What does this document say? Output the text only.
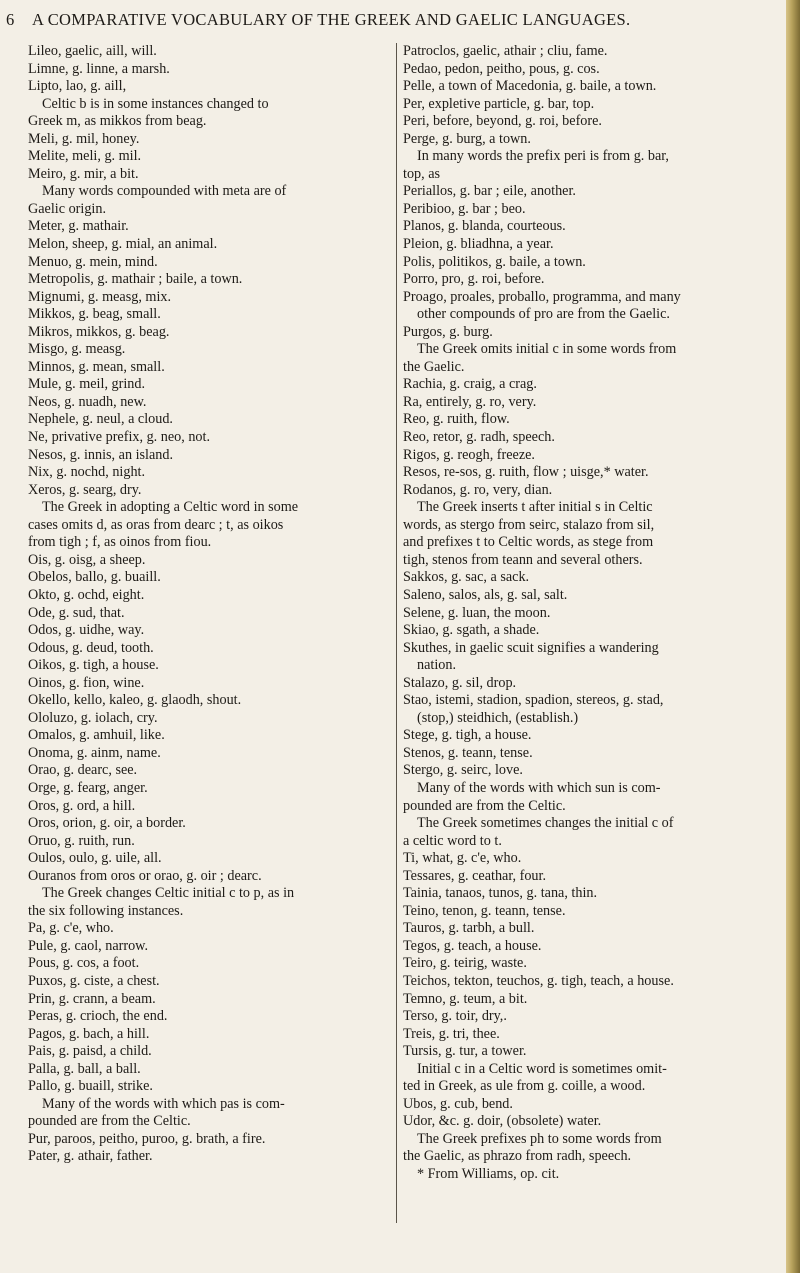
6 A COMPARATIVE VOCABULARY OF THE GREEK AND GAELIC LANGUAGES.
Lileo, gaelic, aill, will.
Limne, g. linne, a marsh.
Lipto, lao, g. aill,
Celtic b is in some instances changed to
Greek m, as mikkos from beag.
Meli, g. mil, honey.
Melite, meli, g. mil.
Meiro, g. mir, a bit.
Many words compounded with meta are of
Gaelic origin.
Meter, g. mathair.
Melon, sheep, g. mial, an animal.
Menuo, g. mein, mind.
Metropolis, g. mathair ; baile, a town.
Mignumi, g. measg, mix.
Mikkos, g. beag, small.
Mikros, mikkos, g. beag.
Misgo, g. measg.
Minnos, g. mean, small.
Mule, g. meil, grind.
Neos, g. nuadh, new.
Nephele, g. neul, a cloud.
Ne, privative prefix, g. neo, not.
Nesos, g. innis, an island.
Nix, g. nochd, night.
Xeros, g. searg, dry.
The Greek in adopting a Celtic word in some
cases omits d, as oras from dearc ; t, as oikos
from tigh ; f, as oinos from fiou.
Ois, g. oisg, a sheep.
Obelos, ballo, g. buaill.
Okto, g. ochd, eight.
Ode, g. sud, that.
Odos, g. uidhe, way.
Odous, g. deud, tooth.
Oikos, g. tigh, a house.
Oinos, g. fion, wine.
Okello, kello, kaleo, g. glaodh, shout.
Ololuzo, g. iolach, cry.
Omalos, g. amhuil, like.
Onoma, g. ainm, name.
Orao, g. dearc, see.
Orge, g. fearg, anger.
Oros, g. ord, a hill.
Oros, orion, g. oir, a border.
Oruo, g. ruith, run.
Oulos, oulo, g. uile, all.
Ouranos from oros or orao, g. oir ; dearc.
The Greek changes Celtic initial c to p, as in
the six following instances.
Pa, g. c'e, who.
Pule, g. caol, narrow.
Pous, g. cos, a foot.
Puxos, g. ciste, a chest.
Prin, g. crann, a beam.
Peras, g. crioch, the end.
Pagos, g. bach, a hill.
Pais, g. paisd, a child.
Palla, g. ball, a ball.
Pallo, g. buaill, strike.
Many of the words with which pas is com-
pounded are from the Celtic.
Pur, paroos, peitho, puroo, g. brath, a fire.
Pater, g. athair, father.
Patroclos, gaelic, athair ; cliu, fame.
Pedao, pedon, peitho, pous, g. cos.
Pelle, a town of Macedonia, g. baile, a town.
Per, expletive particle, g. bar, top.
Peri, before, beyond, g. roi, before.
Perge, g. burg, a town.
In many words the prefix peri is from g. bar,
top, as
Periallos, g. bar ; eile, another.
Peribioo, g. bar ; beo.
Planos, g. blanda, courteous.
Pleion, g. bliadhna, a year.
Polis, politikos, g. baile, a town.
Porro, pro, g. roi, before.
Proago, proales, proballo, programma, and many
other compounds of pro are from the Gaelic.
Purgos, g. burg.
The Greek omits initial c in some words from
the Gaelic.
Rachia, g. craig, a crag.
Ra, entirely, g. ro, very.
Reo, g. ruith, flow.
Reo, retor, g. radh, speech.
Rigos, g. reogh, freeze.
Resos, re-sos, g. ruith, flow ; uisge,* water.
Rodanos, g. ro, very, dian.
The Greek inserts t after initial s in Celtic
words, as stergo from seirc, stalazo from sil,
and prefixes t to Celtic words, as stege from
tigh, stenos from teann and several others.
Sakkos, g. sac, a sack.
Saleno, salos, als, g. sal, salt.
Selene, g. luan, the moon.
Skiao, g. sgath, a shade.
Skuthes, in gaelic scuit signifies a wandering
nation.
Stalazo, g. sil, drop.
Stao, istemi, stadion, spadion, stereos, g. stad,
(stop,) steidhich, (establish.)
Stege, g. tigh, a house.
Stenos, g. teann, tense.
Stergo, g. seirc, love.
Many of the words with which sun is com-
pounded are from the Celtic.
The Greek sometimes changes the initial c of
a celtic word to t.
Ti, what, g. c'e, who.
Tessares, g. ceathar, four.
Tainia, tanaos, tunos, g. tana, thin.
Teino, tenon, g. teann, tense.
Tauros, g. tarbh, a bull.
Tegos, g. teach, a house.
Teiro, g. teirig, waste.
Teichos, tekton, teuchos, g. tigh, teach, a house.
Temno, g. teum, a bit.
Terso, g. toir, dry,.
Treis, g. tri, thee.
Tursis, g. tur, a tower.
Initial c in a Celtic word is sometimes omit-
ted in Greek, as ule from g. coille, a wood.
Ubos, g. cub, bend.
Udor, &c. g. doir, (obsolete) water.
The Greek prefixes ph to some words from
the Gaelic, as phrazo from radh, speech.
* From Williams, op. cit.
